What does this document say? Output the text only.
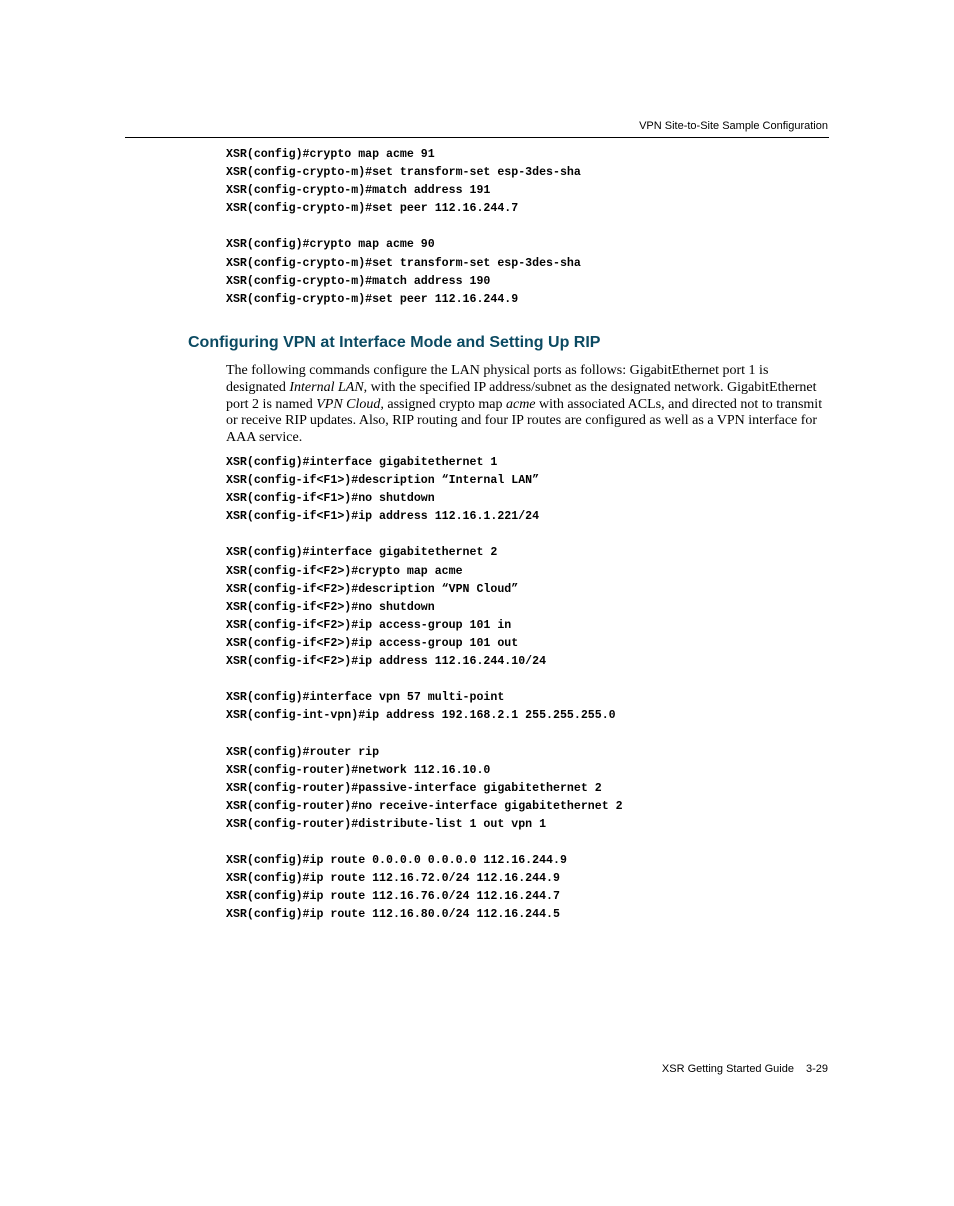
VPN Site-to-Site Sample Configuration
XSR(config)#crypto map acme 91
XSR(config-crypto-m)#set transform-set esp-3des-sha
XSR(config-crypto-m)#match address 191
XSR(config-crypto-m)#set peer 112.16.244.7
XSR(config)#crypto map acme 90
XSR(config-crypto-m)#set transform-set esp-3des-sha
XSR(config-crypto-m)#match address 190
XSR(config-crypto-m)#set peer 112.16.244.9
Configuring VPN at Interface Mode and Setting Up RIP

The following commands configure the LAN physical ports as follows: GigabitEthernet port 1 is designated Internal LAN, with the specified IP address/subnet as the designated network. GigabitEthernet port 2 is named VPN Cloud, assigned crypto map acme with associated ACLs, and directed not to transmit or receive RIP updates. Also, RIP routing and four IP routes are configured as well as a VPN interface for AAA service.

XSR(config)#interface gigabitethernet 1
XSR(config-if<F1>)#description “Internal LAN”
XSR(config-if<F1>)#no shutdown
XSR(config-if<F1>)#ip address 112.16.1.221/24
XSR(config)#interface gigabitethernet 2
XSR(config-if<F2>)#crypto map acme
XSR(config-if<F2>)#description “VPN Cloud”
XSR(config-if<F2>)#no shutdown
XSR(config-if<F2>)#ip access-group 101 in
XSR(config-if<F2>)#ip access-group 101 out
XSR(config-if<F2>)#ip address 112.16.244.10/24
XSR(config)#interface vpn 57 multi-point
XSR(config-int-vpn)#ip address 192.168.2.1 255.255.255.0
XSR(config)#router rip
XSR(config-router)#network 112.16.10.0
XSR(config-router)#passive-interface gigabitethernet 2
XSR(config-router)#no receive-interface gigabitethernet 2
XSR(config-router)#distribute-list 1 out vpn 1
XSR(config)#ip route 0.0.0.0 0.0.0.0 112.16.244.9
XSR(config)#ip route 112.16.72.0/24 112.16.244.9
XSR(config)#ip route 112.16.76.0/24 112.16.244.7
XSR(config)#ip route 112.16.80.0/24 112.16.244.5
XSR Getting Started Guide 3-29
